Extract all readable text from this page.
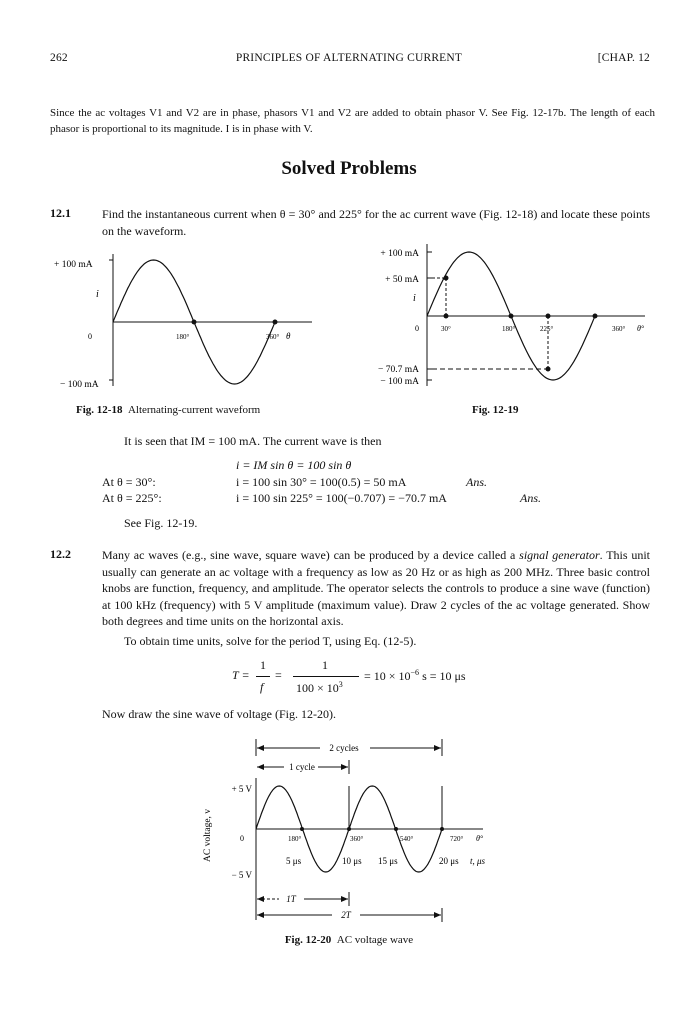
262	PRINCIPLES OF ALTERNATING CURRENT	[CHAP. 12
Since the ac voltages V1 and V2 are in phase, phasors V1 and V2 are added to obtain phasor V. See Fig. 12-17b. The length of each phasor is proportional to its magnitude. I is in phase with V.
Solved Problems
12.1	Find the instantaneous current when θ = 30° and 225° for the ac current wave (Fig. 12-18) and locate these points on the waveform.
+ 100 mA
i
0
− 100 mA
180°	360° θ
+ 100 mA
+ 50 mA
i
0
− 70.7 mA
− 100 mA
30°	180°	225°	360° θ°
Fig. 12-18 Alternating-current waveform	Fig. 12-19
It is seen that IM = 100 mA. The current wave is then
i = IM sin θ = 100 sin θ
At θ = 30°:	i = 100 sin 30° = 100(0.5) = 50 mA	Ans.
At θ = 225°:	i = 100 sin 225° = 100(−0.707) = −70.7 mA	Ans.
See Fig. 12-19.
12.2	Many ac waves (e.g., sine wave, square wave) can be produced by a device called a signal generator. This unit usually can generate an ac voltage with a frequency as low as 20 Hz or as high as 200 MHz. Three basic control knobs are function, frequency, and amplitude. The operator selects the controls to produce a sine wave (function) at 100 kHz (frequency) with 5 V amplitude (maximum value). Draw 2 cycles of the ac voltage generated. Show both degrees and time units on the horizontal axis.
To obtain time units, solve for the period T, using Eq. (12-5).
T =
1
f
=
1
$100 \times 10^3$
= $10 \times 10^{-6}$ s = 10 μs
Now draw the sine wave of voltage (Fig. 12-20).
2 cycles
1 cycle
AC voltage, v
+ 5 V
0
− 5 V
180°	360°	540°	720° θ°
5 μs	10 μs 15 μs	20 μs t, μs
1T
2T
Fig. 12-20 AC voltage wave
